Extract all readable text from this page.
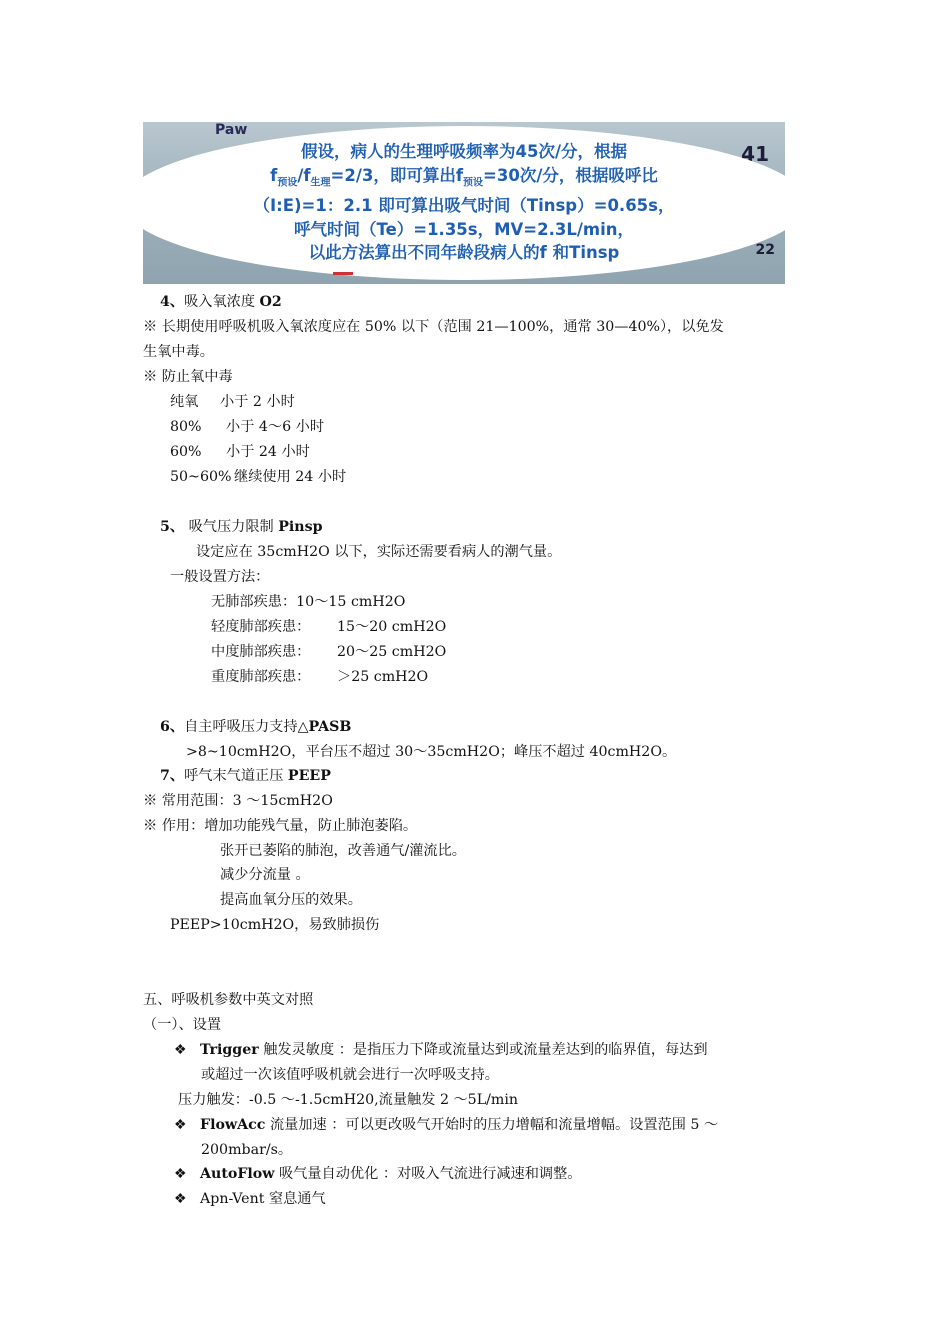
Paw
41
22
假设，病人的生理呼吸频率为45次/分，根据
$f_{预设}/f_{生理}=2/3$，即可算出$f_{预设}=30$次/分，根据吸呼比
（I:E)=1：2.1 即可算出吸气时间（Tinsp）=0.65s，
呼气时间（Te）=1.35s，MV=2.3L/min，
以此方法算出不同年龄段病人的f 和Tinsp
4、吸入氧浓度 O2
※ 长期使用呼吸机吸入氧浓度应在 50% 以下（范围 21—100%，通常 30—40%），以免发
生氧中毒。
※ 防止氧中毒
纯氧 小于 2 小时
80% 小于 4～6 小时
60% 小于 24 小时
50~60% 继续使用 24 小时
5、 吸气压力限制 Pinsp
设定应在 35cmH2O 以下，实际还需要看病人的潮气量。
一般设置方法：
无肺部疾患：10～15 cmH2O
轻度肺部疾患： 15～20 cmH2O
中度肺部疾患： 20～25 cmH2O
重度肺部疾患： ＞25 cmH2O
6、自主呼吸压力支持△PASB
>8~10cmH2O，平台压不超过 30～35cmH2O；峰压不超过 40cmH2O。
7、呼气末气道正压 PEEP
※ 常用范围：3 ～15cmH2O
※ 作用：增加功能残气量，防止肺泡萎陷。
张开已萎陷的肺泡，改善通气/灌流比。
减少分流量 。
提高血氧分压的效果。
PEEP>10cmH2O，易致肺损伤
五、呼吸机参数中英文对照
（一）、设置
❖ Trigger 触发灵敏度 ：是指压力下降或流量达到或流量差达到的临界值，每达到
或超过一次该值呼吸机就会进行一次呼吸支持。
压力触发：-0.5 ～-1.5cmH20,流量触发 2 ～5L/min
❖ FlowAcc 流量加速 ：可以更改吸气开始时的压力增幅和流量增幅。设置范围 5 ～
200mbar/s。
❖ AutoFlow 吸气量自动优化 ：对吸入气流进行减速和调整。
❖ Apn-Vent 窒息通气
